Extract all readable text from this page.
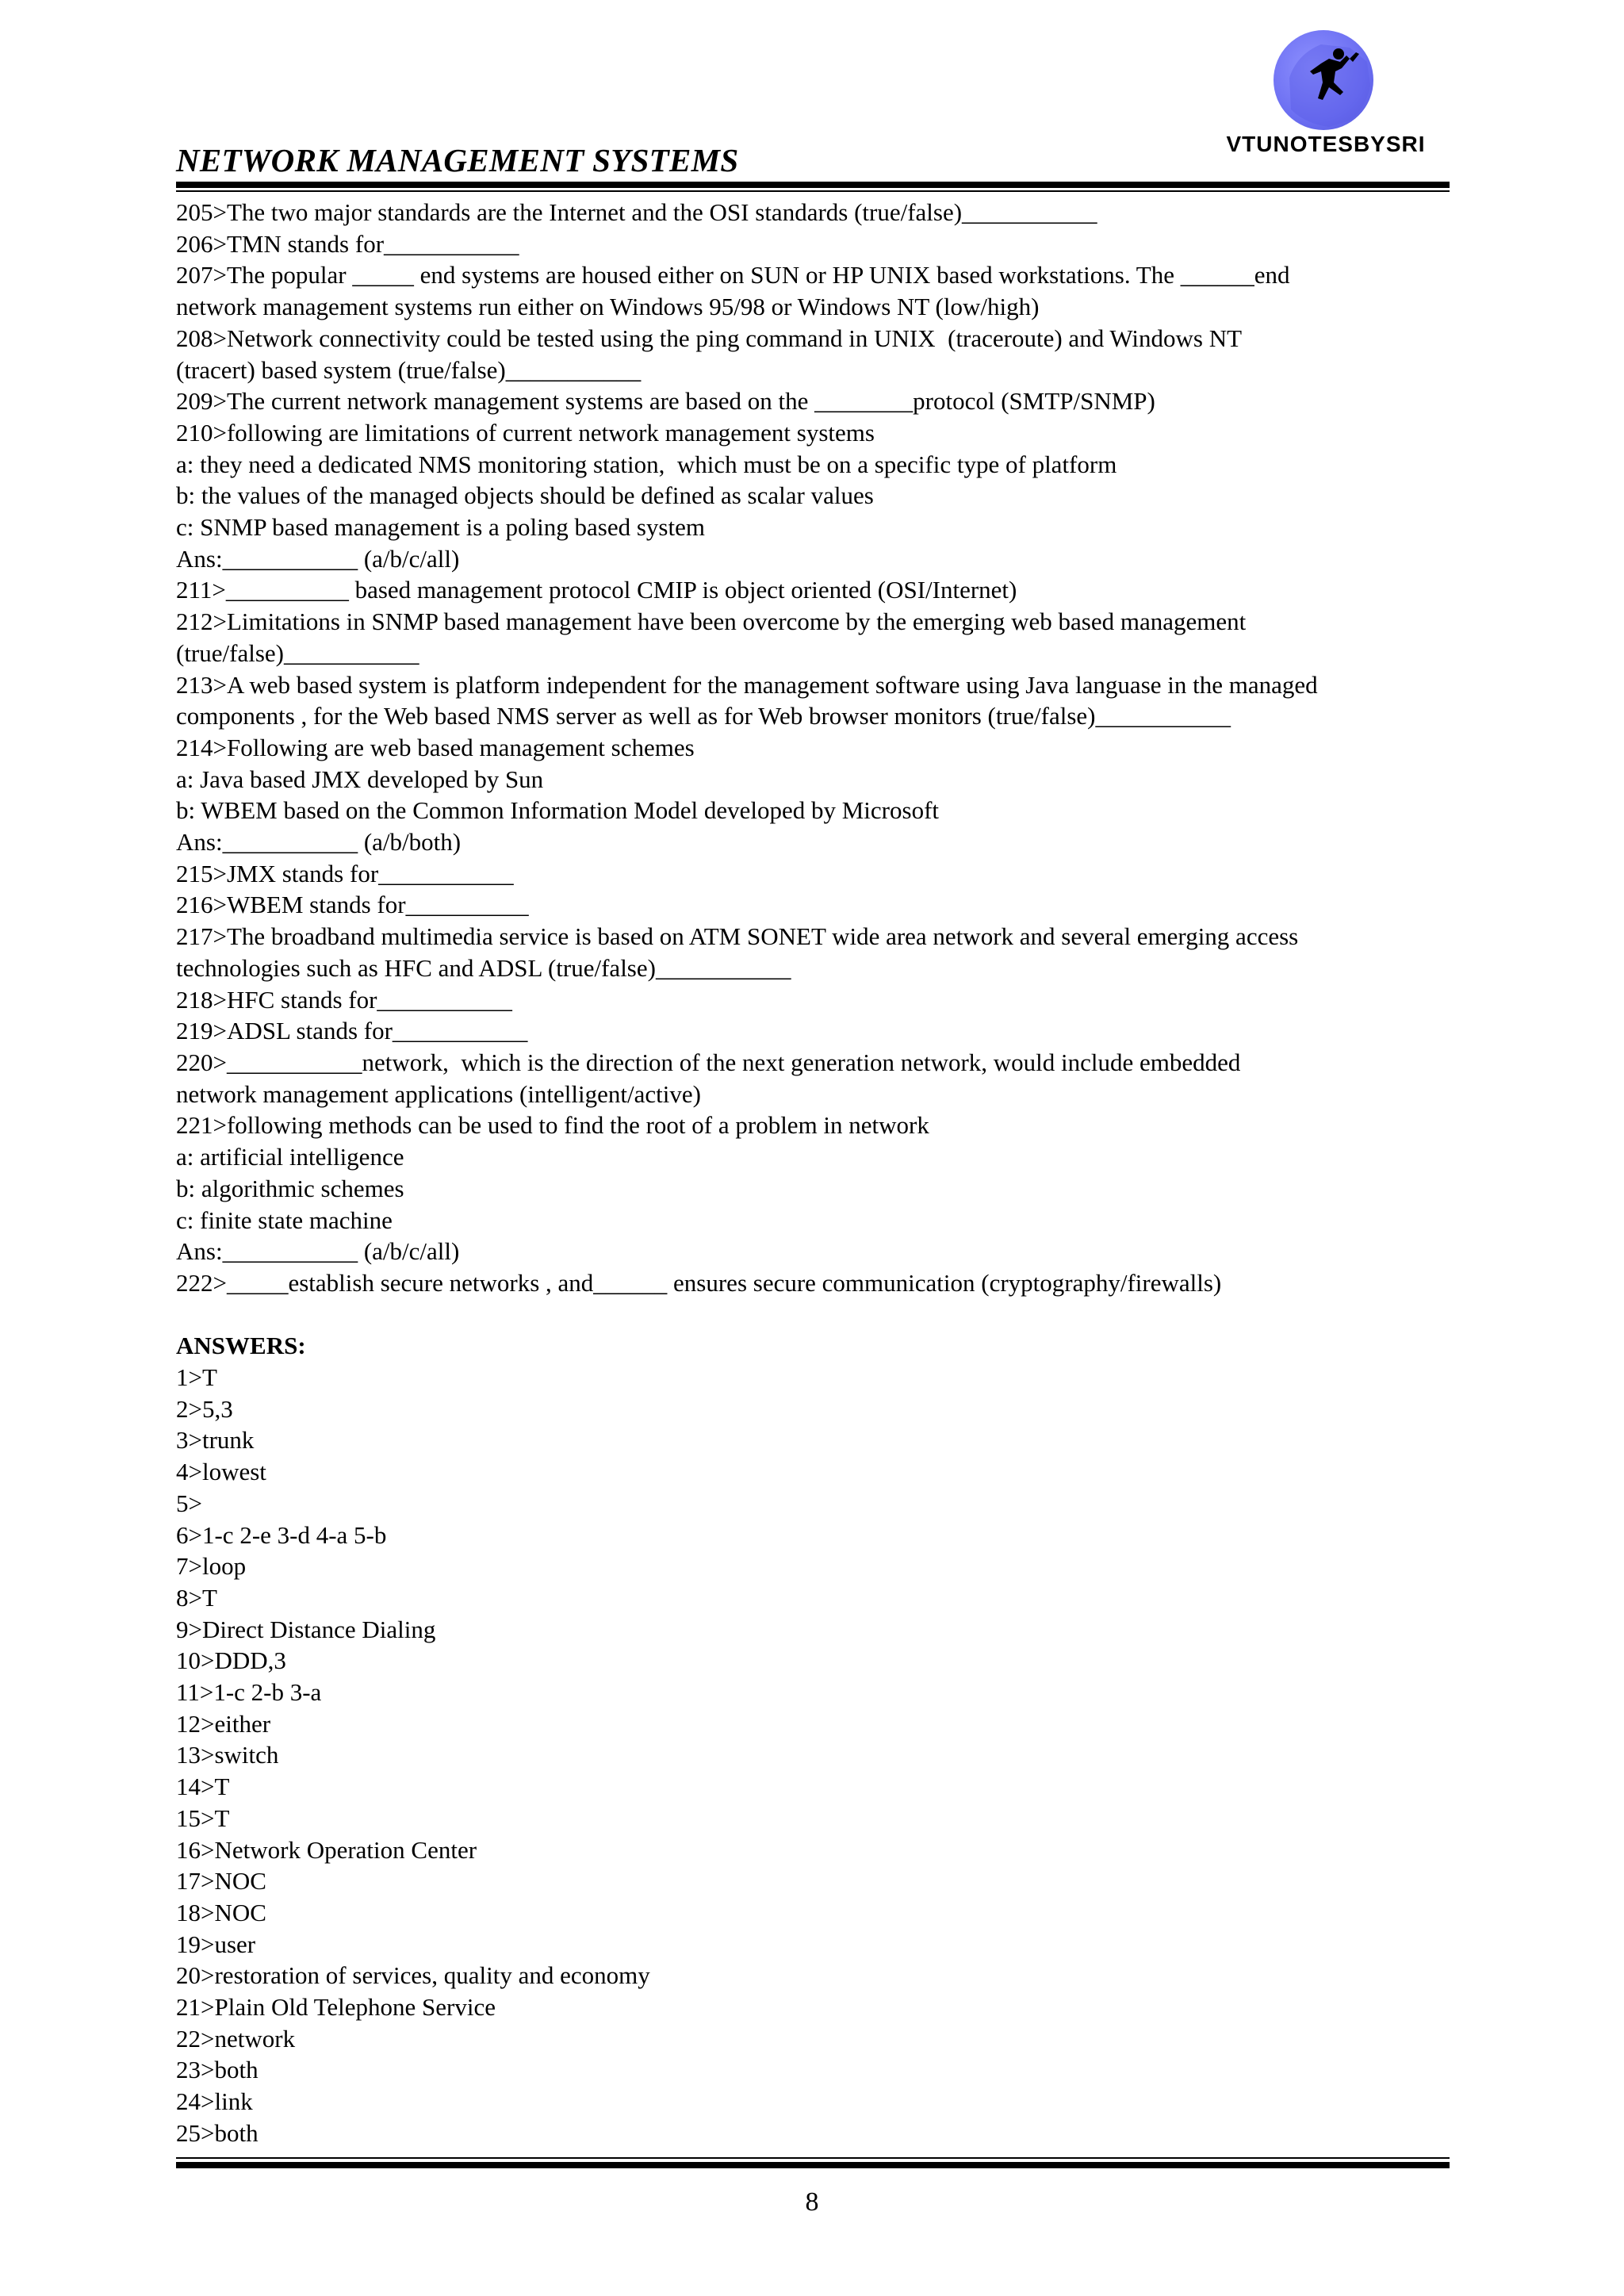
VTUNOTESBYSRI
NETWORK MANAGEMENT SYSTEMS
205>The two major standards are the Internet and the OSI standards (true/false)___________
206>TMN stands for___________
207>The popular _____ end systems are housed either on SUN or HP UNIX based workstations. The ______end
network management systems run either on Windows 95/98 or Windows NT (low/high)
208>Network connectivity could be tested using the ping command in UNIX  (traceroute) and Windows NT
(tracert) based system (true/false)___________
209>The current network management systems are based on the ________protocol (SMTP/SNMP)
210>following are limitations of current network management systems
a: they need a dedicated NMS monitoring station,  which must be on a specific type of platform
b: the values of the managed objects should be defined as scalar values
c: SNMP based management is a poling based system
Ans:___________ (a/b/c/all)
211>__________ based management protocol CMIP is object oriented (OSI/Internet)
212>Limitations in SNMP based management have been overcome by the emerging web based management
(true/false)___________
213>A web based system is platform independent for the management software using Java languase in the managed
components , for the Web based NMS server as well as for Web browser monitors (true/false)___________
214>Following are web based management schemes
a: Java based JMX developed by Sun
b: WBEM based on the Common Information Model developed by Microsoft
Ans:___________ (a/b/both)
215>JMX stands for___________
216>WBEM stands for__________
217>The broadband multimedia service is based on ATM SONET wide area network and several emerging access
technologies such as HFC and ADSL (true/false)___________
218>HFC stands for___________
219>ADSL stands for___________
220>___________network,  which is the direction of the next generation network, would include embedded
network management applications (intelligent/active)
221>following methods can be used to find the root of a problem in network
a: artificial intelligence
b: algorithmic schemes
c: finite state machine
Ans:___________ (a/b/c/all)
222>_____establish secure networks , and______ ensures secure communication (cryptography/firewalls)
ANSWERS:
1>T
2>5,3
3>trunk
4>lowest
5>
6>1-c 2-e 3-d 4-a 5-b
7>loop
8>T
9>Direct Distance Dialing
10>DDD,3
11>1-c 2-b 3-a
12>either
13>switch
14>T
15>T
16>Network Operation Center
17>NOC
18>NOC
19>user
20>restoration of services, quality and economy
21>Plain Old Telephone Service
22>network
23>both
24>link
25>both
8
